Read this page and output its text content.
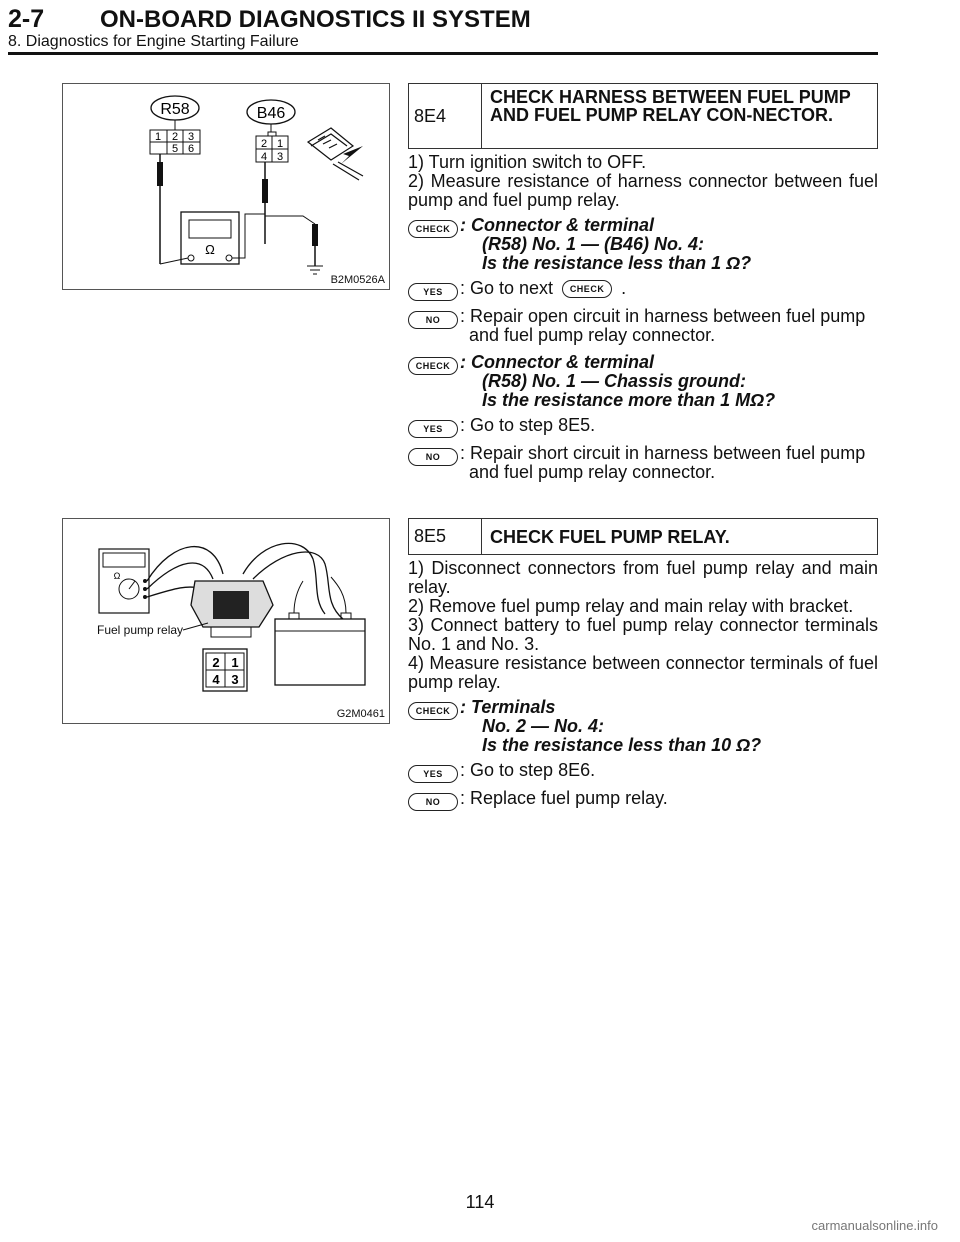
2-7	ON-BOARD DIAGNOSTICS II SYSTEM
8. Diagnostics for Engine Starting Failure
R58
1 2 3
5 6
B46
2 1
4 3
Ω
B2M0526A
8E4
CHECK HARNESS BETWEEN FUEL PUMP AND FUEL PUMP RELAY CON-NECTOR.

1) Turn ignition switch to OFF.

2) Measure resistance of harness connector between fuel pump and fuel pump relay.

CHECK : Connector & terminal
(R58) No. 1 — (B46) No. 4:
Is the resistance less than 1 Ω?
YES : Go to next CHECK .
NO	: Repair open circuit in harness between fuel pump and fuel pump relay connector.
CHECK : Connector & terminal
(R58) No. 1 — Chassis ground:
Is the resistance more than 1 MΩ?
YES : Go to step 8E5.
NO	: Repair short circuit in harness between fuel pump and fuel pump relay connector.
Ω
2 1
4 3
Fuel pump relay
G2M0461
8E5	CHECK FUEL PUMP RELAY.

1) Disconnect connectors from fuel pump relay and main relay.

2) Remove fuel pump relay and main relay with bracket.

3) Connect battery to fuel pump relay connector terminals No. 1 and No. 3.

4) Measure resistance between connector terminals of fuel pump relay.

CHECK : Terminals
No. 2 — No. 4:
Is the resistance less than 10 Ω?
YES : Go to step 8E6.
NO	: Replace fuel pump relay.
114
carmanualsonline.info
